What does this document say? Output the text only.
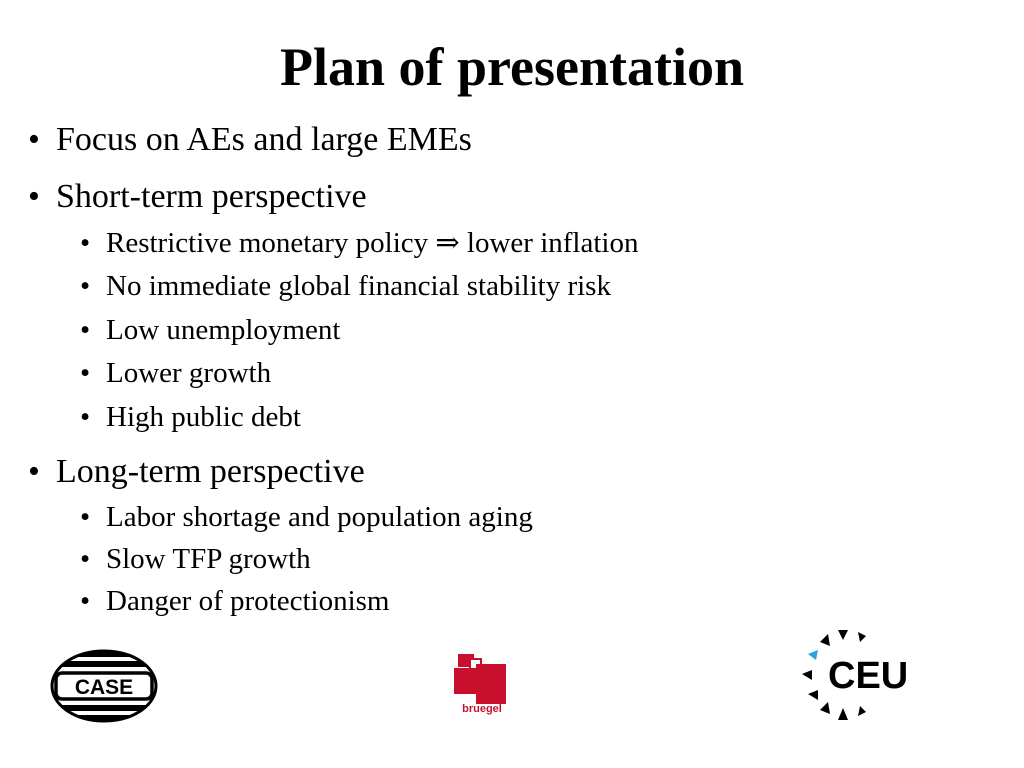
Plan of presentation
• Focus on AEs and large EMEs
• Short-term perspective
• Restrictive monetary policy ⇒ lower inflation
• No immediate global financial stability risk
• Low unemployment
• Lower growth
• High public debt
• Long-term perspective
• Labor shortage and population aging
• Slow TFP growth
• Danger of protectionism
CASE
bruegel
CEU
